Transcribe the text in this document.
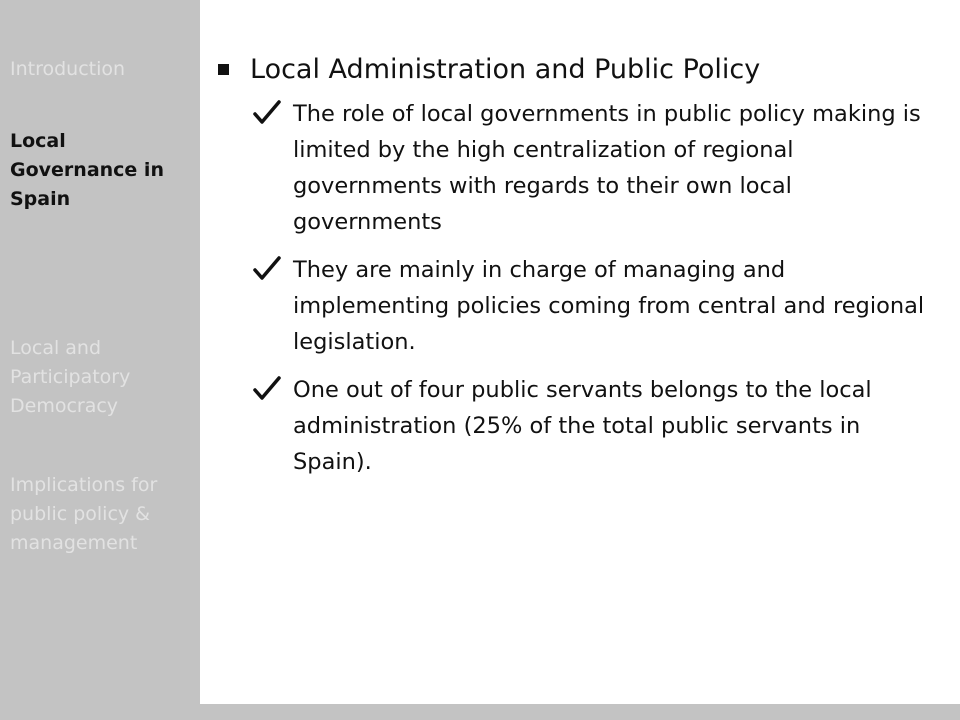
Introduction
Local Governance in Spain
Local and Participatory Democracy
Implications for public policy & management
Local Administration and Public Policy
The role of local governments in public policy making is limited by the high centralization of regional governments with regards to their own local governments
They are mainly in charge of managing and implementing policies coming from central and regional legislation.
One out of four public servants belongs to the local administration (25% of the total public servants in Spain).
